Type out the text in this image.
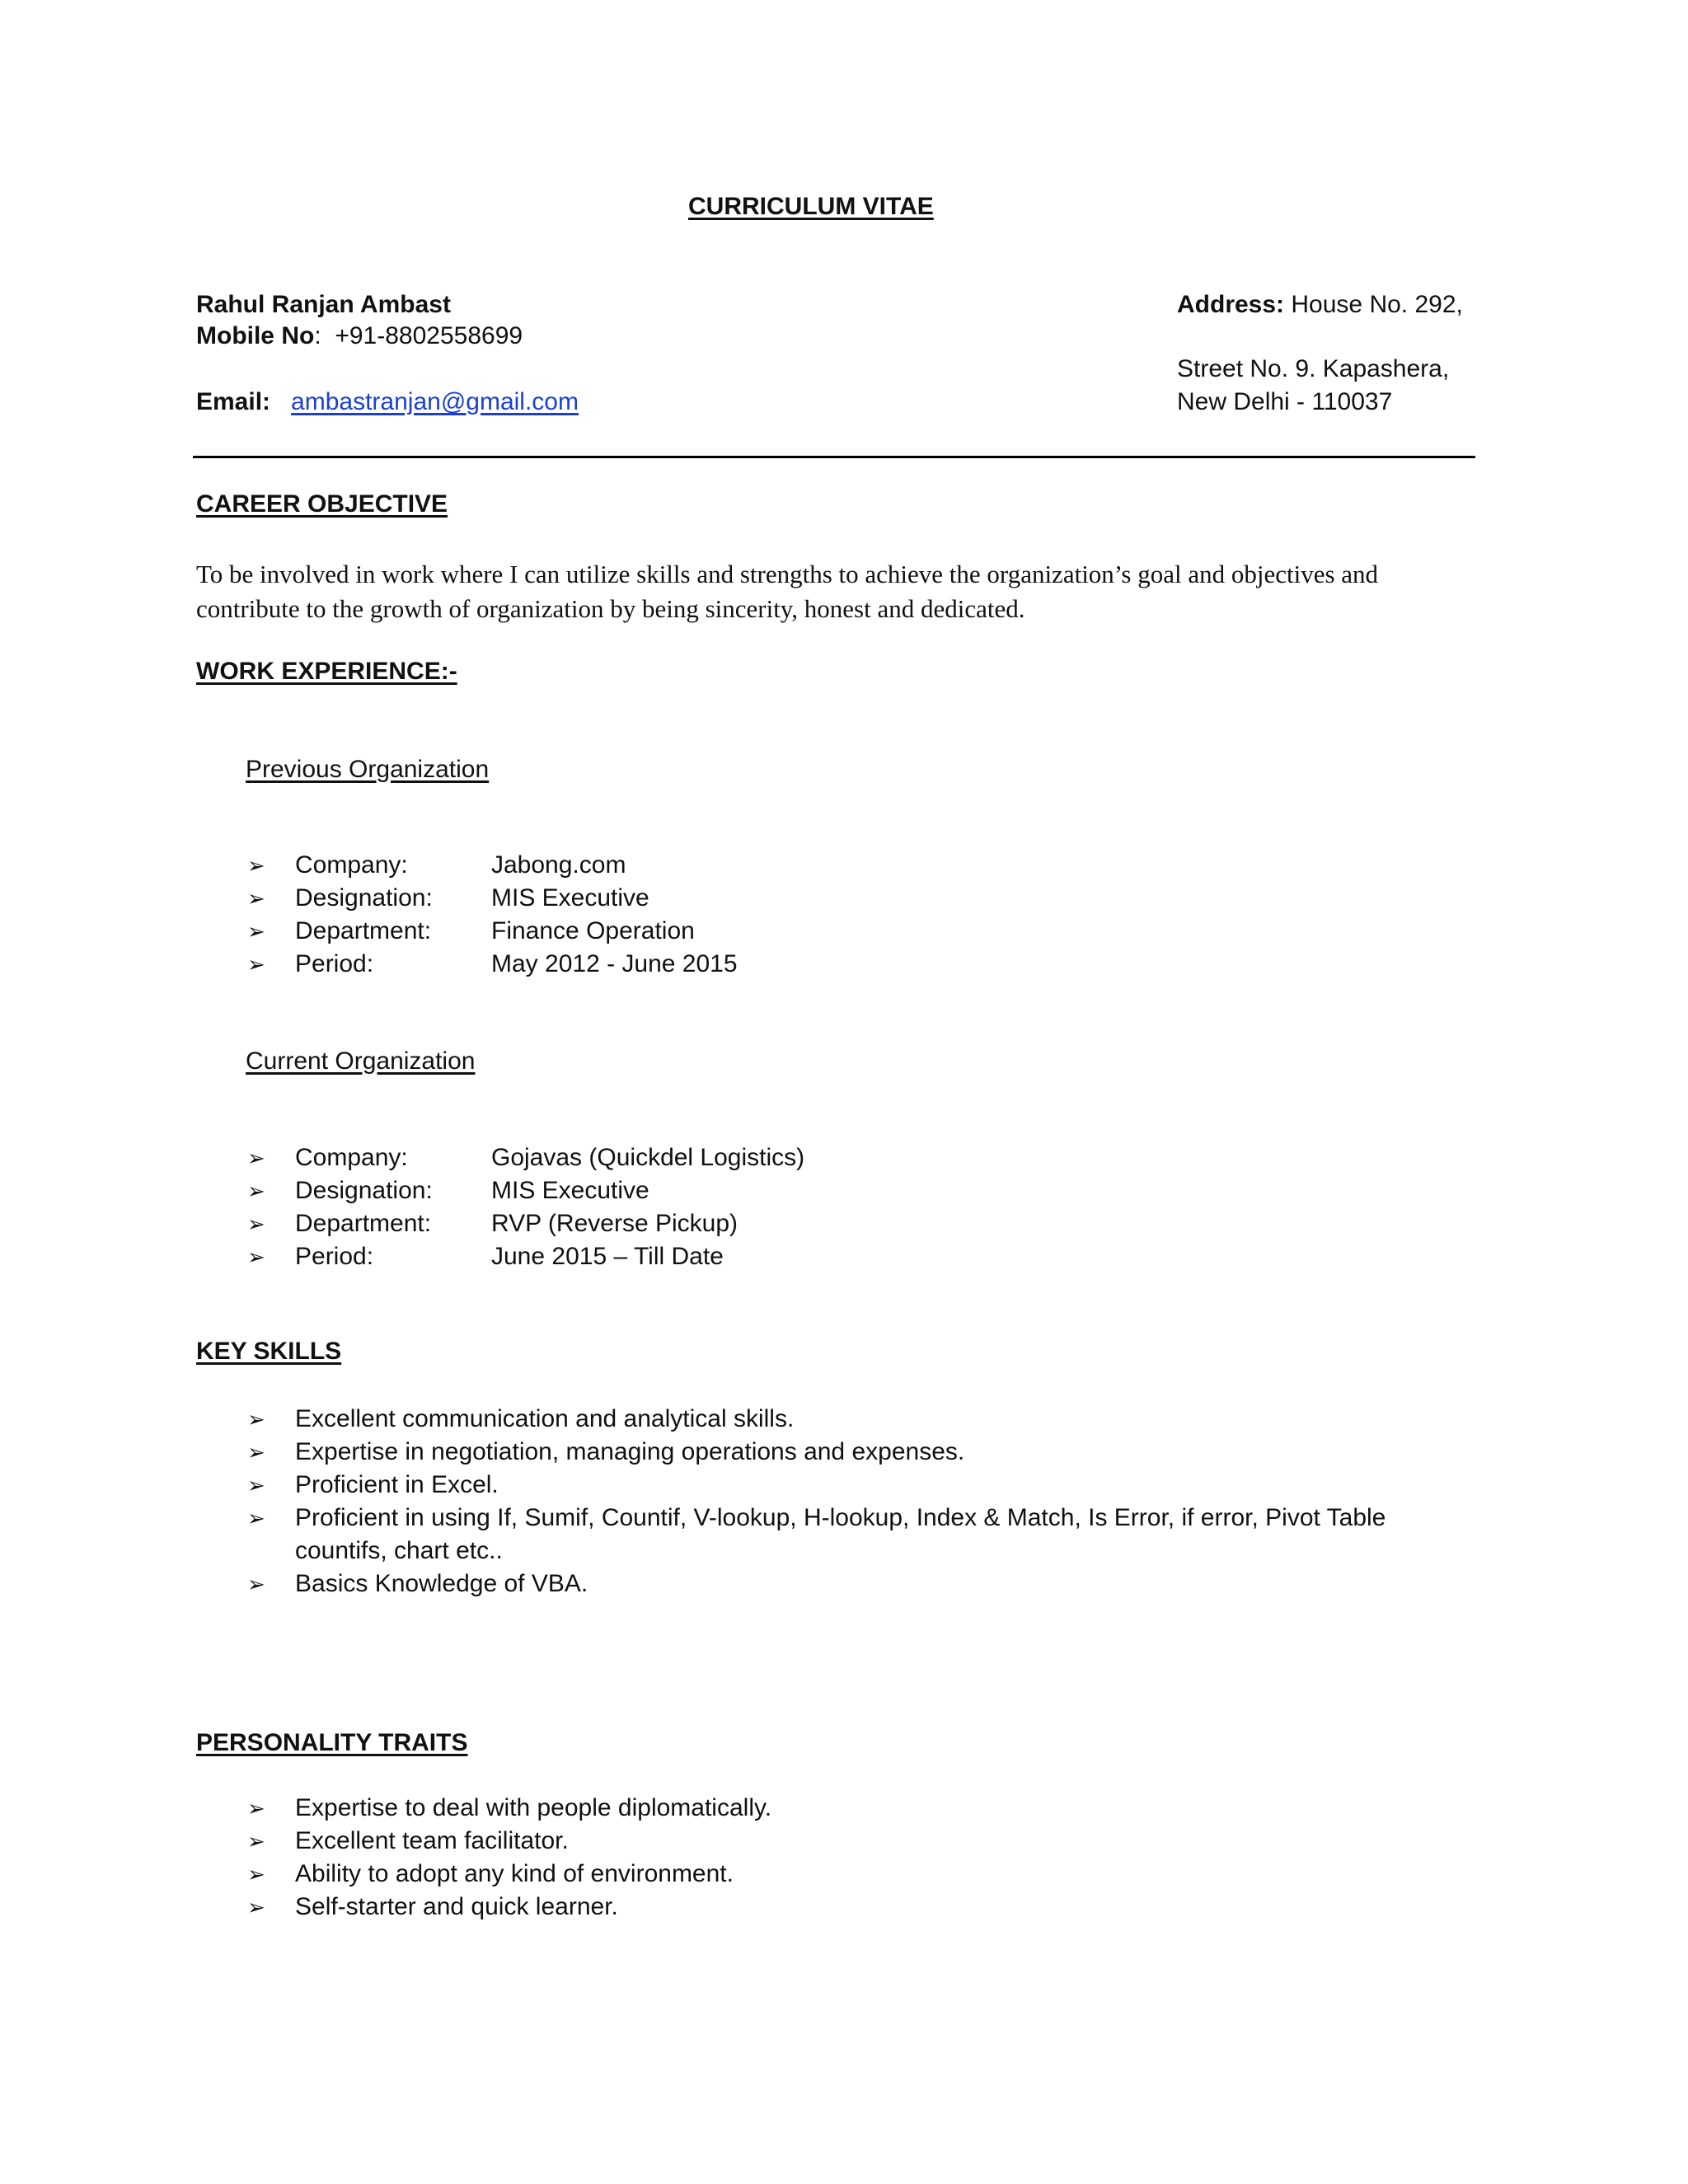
CURRICULUM VITAE
Rahul Ranjan Ambast
Mobile No: +91-8802558699
Email: ambastranjan@gmail.com
Address: House No. 292,
Street No. 9. Kapashera,
New Delhi - 110037
CAREER OBJECTIVE
To be involved in work where I can utilize skills and strengths to achieve the organization’s goal and objectives and
contribute to the growth of organization by being sincerity, honest and dedicated.
WORK EXPERIENCE:-
Previous Organization
➢ Company:	Jabong.com
➢ Designation: MIS Executive
➢ Department: Finance Operation
➢ Period:	May 2012 - June 2015
Current Organization
➢ Company:	Gojavas (Quickdel Logistics)
➢ Designation: MIS Executive
➢ Department: RVP (Reverse Pickup)
➢ Period:	June 2015 – Till Date
KEY SKILLS
➢ Excellent communication and analytical skills.
➢ Expertise in negotiation, managing operations and expenses.
➢ Proficient in Excel.
➢ Proficient in using If, Sumif, Countif, V-lookup, H-lookup, Index & Match, Is Error, if error, Pivot Table countifs, chart etc..
➢ Basics Knowledge of VBA.
PERSONALITY TRAITS
➢ Expertise to deal with people diplomatically.
➢ Excellent team facilitator.
➢ Ability to adopt any kind of environment.
➢ Self-starter and quick learner.
